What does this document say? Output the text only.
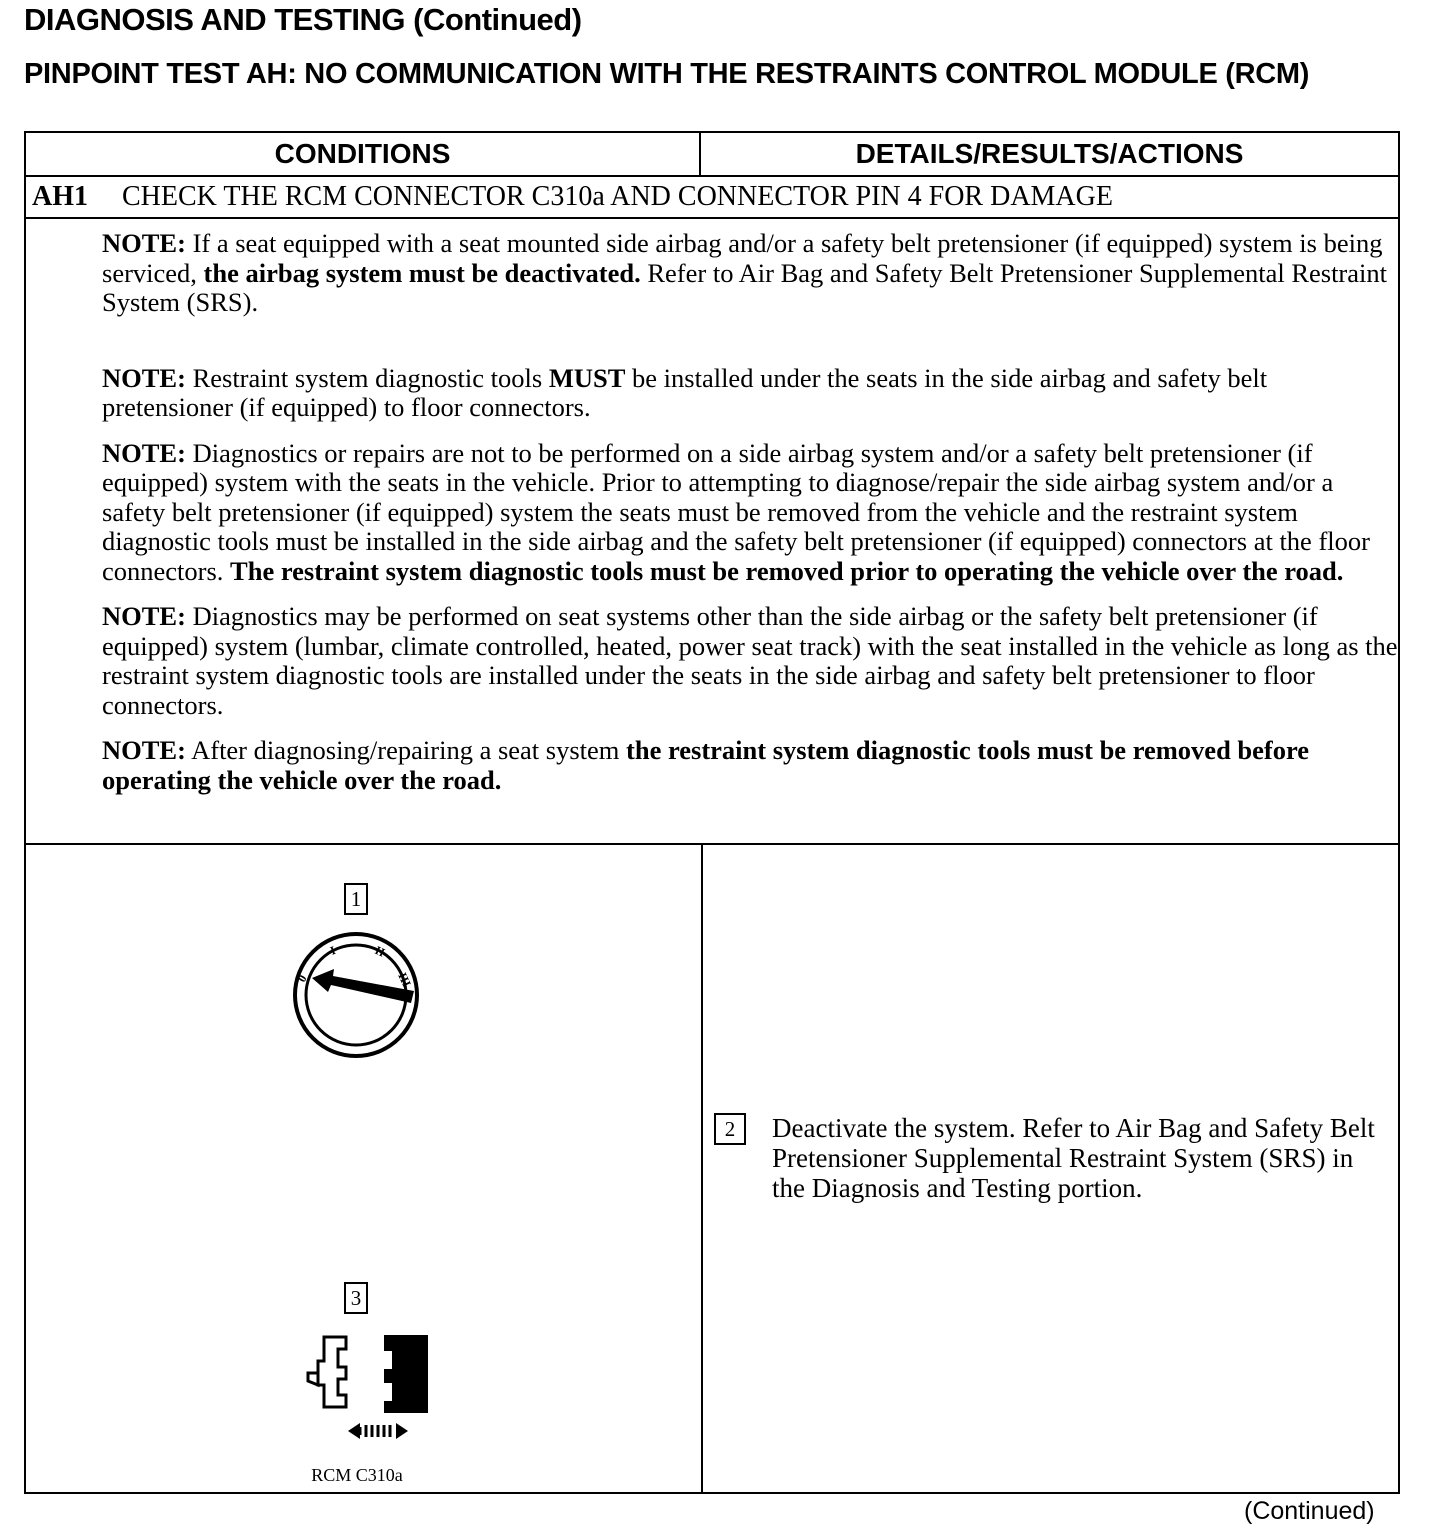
DIAGNOSIS AND TESTING (Continued)
PINPOINT TEST AH: NO COMMUNICATION WITH THE RESTRAINTS CONTROL MODULE (RCM)
CONDITIONS	DETAILS/RESULTS/ACTIONS
AH1 CHECK THE RCM CONNECTOR C310a AND CONNECTOR PIN 4 FOR DAMAGE

NOTE: If a seat equipped with a seat mounted side airbag and/or a safety belt pretensioner (if equipped) system is being serviced, the airbag system must be deactivated. Refer to Air Bag and Safety Belt Pretensioner Supplemental Restraint System (SRS).

NOTE: Restraint system diagnostic tools MUST be installed under the seats in the side airbag and safety belt pretensioner (if equipped) to floor connectors.

NOTE: Diagnostics or repairs are not to be performed on a side airbag system and/or a safety belt pretensioner (if equipped) system with the seats in the vehicle. Prior to attempting to diagnose/repair the side airbag system and/or a safety belt pretensioner (if equipped) system the seats must be removed from the vehicle and the restraint system diagnostic tools must be installed in the side airbag and the safety belt pretensioner (if equipped) connectors at the floor connectors. The restraint system diagnostic tools must be removed prior to operating the vehicle over the road.

NOTE: Diagnostics may be performed on seat systems other than the side airbag or the safety belt pretensioner (if equipped) system (lumbar, climate controlled, heated, power seat track) with the seat installed in the vehicle as long as the restraint system diagnostic tools are installed under the seats in the side airbag and safety belt pretensioner to floor connectors.

NOTE: After diagnosing/repairing a seat system the restraint system diagnostic tools must be removed before operating the vehicle over the road.

1
0
I	II
III
3
RCM C310a
2	Deactivate the system. Refer to Air Bag and Safety Belt Pretensioner Supplemental Restraint System (SRS) in the Diagnosis and Testing portion.
(Continued)
